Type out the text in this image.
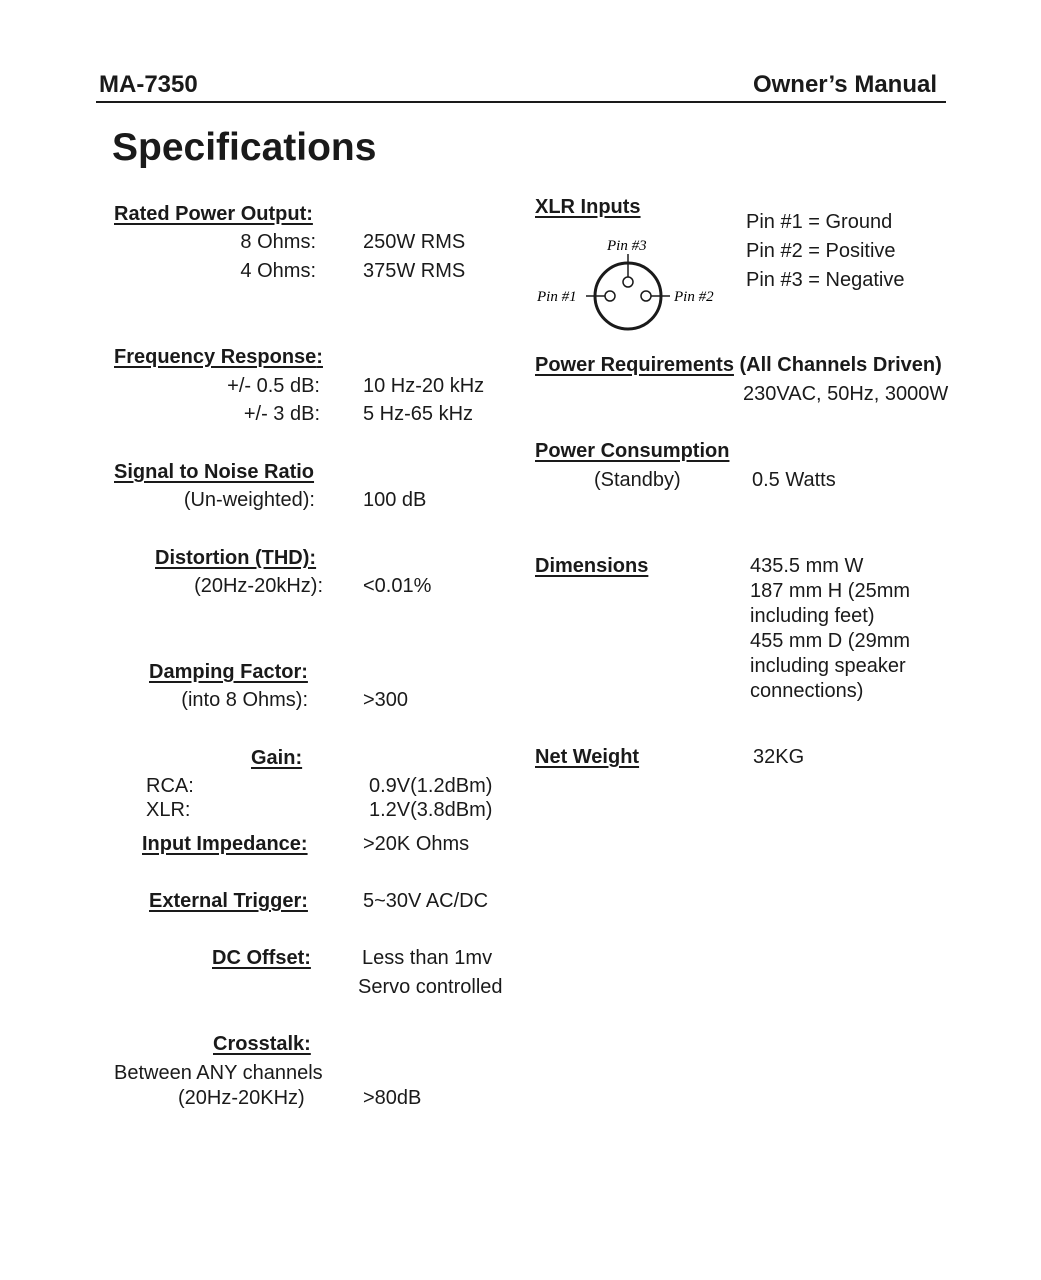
MA-7350	Owner’s Manual
Specifications
Rated Power Output:
8 Ohms: 250W RMS
4 Ohms: 375W RMS
Frequency Response:
+/- 0.5 dB: 10 Hz-20 kHz
+/- 3 dB: 5 Hz-65 kHz
Signal to Noise Ratio
(Un-weighted): 100 dB
Distortion (THD):
(20Hz-20kHz): <0.01%
Damping Factor:
(into 8 Ohms):	>300
Gain:
RCA:	0.9V(1.2dBm)
XLR:	1.2V(3.8dBm)
Input Impedance:	>20K Ohms
External Trigger:	5~30V AC/DC
DC Offset:	Less than 1mv
Servo controlled
Crosstalk:
Between ANY channels
(20Hz-20KHz)	>80dB
XLR Inputs
Pin #3
Pin #1	Pin #2
Pin #1 = Ground
Pin #2 = Positive
Pin #3 = Negative
Power Requirements (All Channels Driven)
230VAC, 50Hz, 3000W
Power Consumption
(Standby)	0.5 Watts
Dimensions	435.5 mm W
187 mm H (25mm
including feet)
455 mm D (29mm
including speaker
connections)
Net Weight	32KG
